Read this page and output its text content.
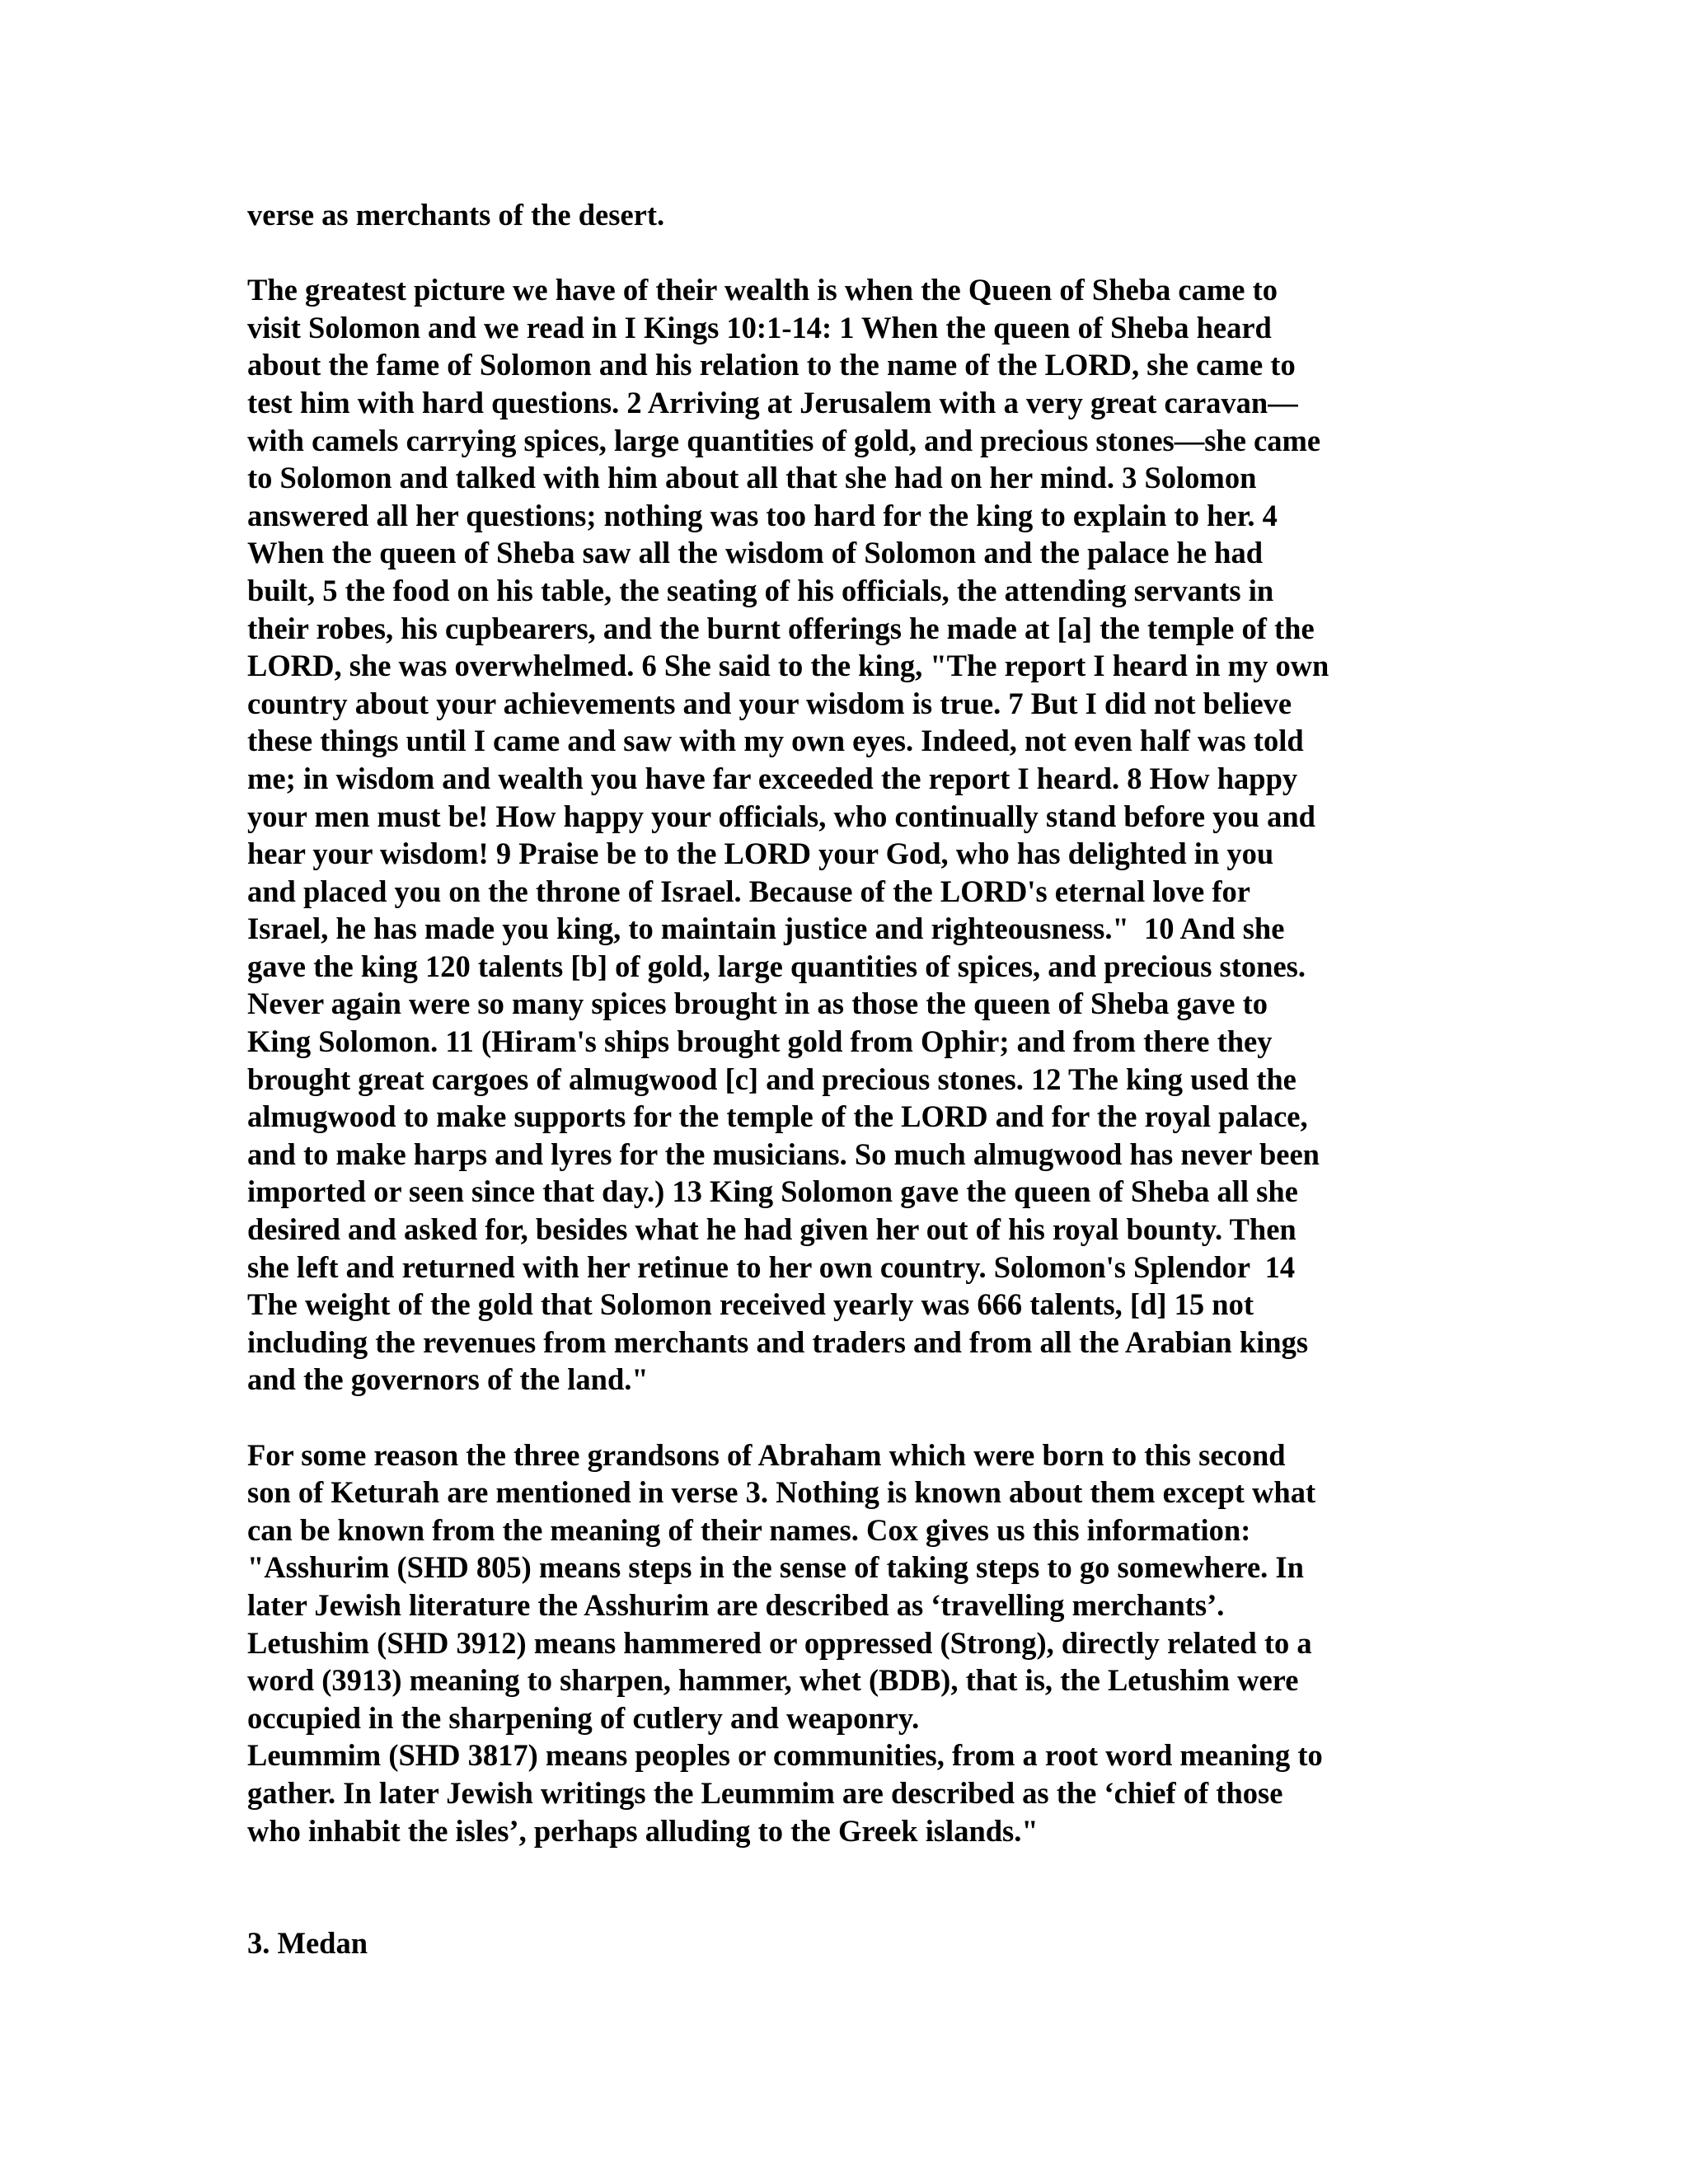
verse as merchants of the desert.
The greatest picture we have of their wealth is when the Queen of Sheba came to
visit Solomon and we read in I Kings 10:1-14: 1 When the queen of Sheba heard
about the fame of Solomon and his relation to the name of the LORD, she came to
test him with hard questions. 2 Arriving at Jerusalem with a very great caravan—
with camels carrying spices, large quantities of gold, and precious stones—she came
to Solomon and talked with him about all that she had on her mind. 3 Solomon
answered all her questions; nothing was too hard for the king to explain to her. 4
When the queen of Sheba saw all the wisdom of Solomon and the palace he had
built, 5 the food on his table, the seating of his officials, the attending servants in
their robes, his cupbearers, and the burnt offerings he made at [a] the temple of the
LORD, she was overwhelmed. 6 She said to the king, "The report I heard in my own
country about your achievements and your wisdom is true. 7 But I did not believe
these things until I came and saw with my own eyes. Indeed, not even half was told
me; in wisdom and wealth you have far exceeded the report I heard. 8 How happy
your men must be! How happy your officials, who continually stand before you and
hear your wisdom! 9 Praise be to the LORD your God, who has delighted in you
and placed you on the throne of Israel. Because of the LORD's eternal love for
Israel, he has made you king, to maintain justice and righteousness."  10 And she
gave the king 120 talents [b] of gold, large quantities of spices, and precious stones.
Never again were so many spices brought in as those the queen of Sheba gave to
King Solomon. 11 (Hiram's ships brought gold from Ophir; and from there they
brought great cargoes of almugwood [c] and precious stones. 12 The king used the
almugwood to make supports for the temple of the LORD and for the royal palace,
and to make harps and lyres for the musicians. So much almugwood has never been
imported or seen since that day.) 13 King Solomon gave the queen of Sheba all she
desired and asked for, besides what he had given her out of his royal bounty. Then
she left and returned with her retinue to her own country. Solomon's Splendor  14
The weight of the gold that Solomon received yearly was 666 talents, [d] 15 not
including the revenues from merchants and traders and from all the Arabian kings
and the governors of the land."
For some reason the three grandsons of Abraham which were born to this second
son of Keturah are mentioned in verse 3. Nothing is known about them except what
can be known from the meaning of their names. Cox gives us this information:
"Asshurim (SHD 805) means steps in the sense of taking steps to go somewhere. In
later Jewish literature the Asshurim are described as ‘travelling merchants’.
Letushim (SHD 3912) means hammered or oppressed (Strong), directly related to a
word (3913) meaning to sharpen, hammer, whet (BDB), that is, the Letushim were
occupied in the sharpening of cutlery and weaponry.
Leummim (SHD 3817) means peoples or communities, from a root word meaning to
gather. In later Jewish writings the Leummim are described as the ‘chief of those
who inhabit the isles’, perhaps alluding to the Greek islands."
3. Medan
